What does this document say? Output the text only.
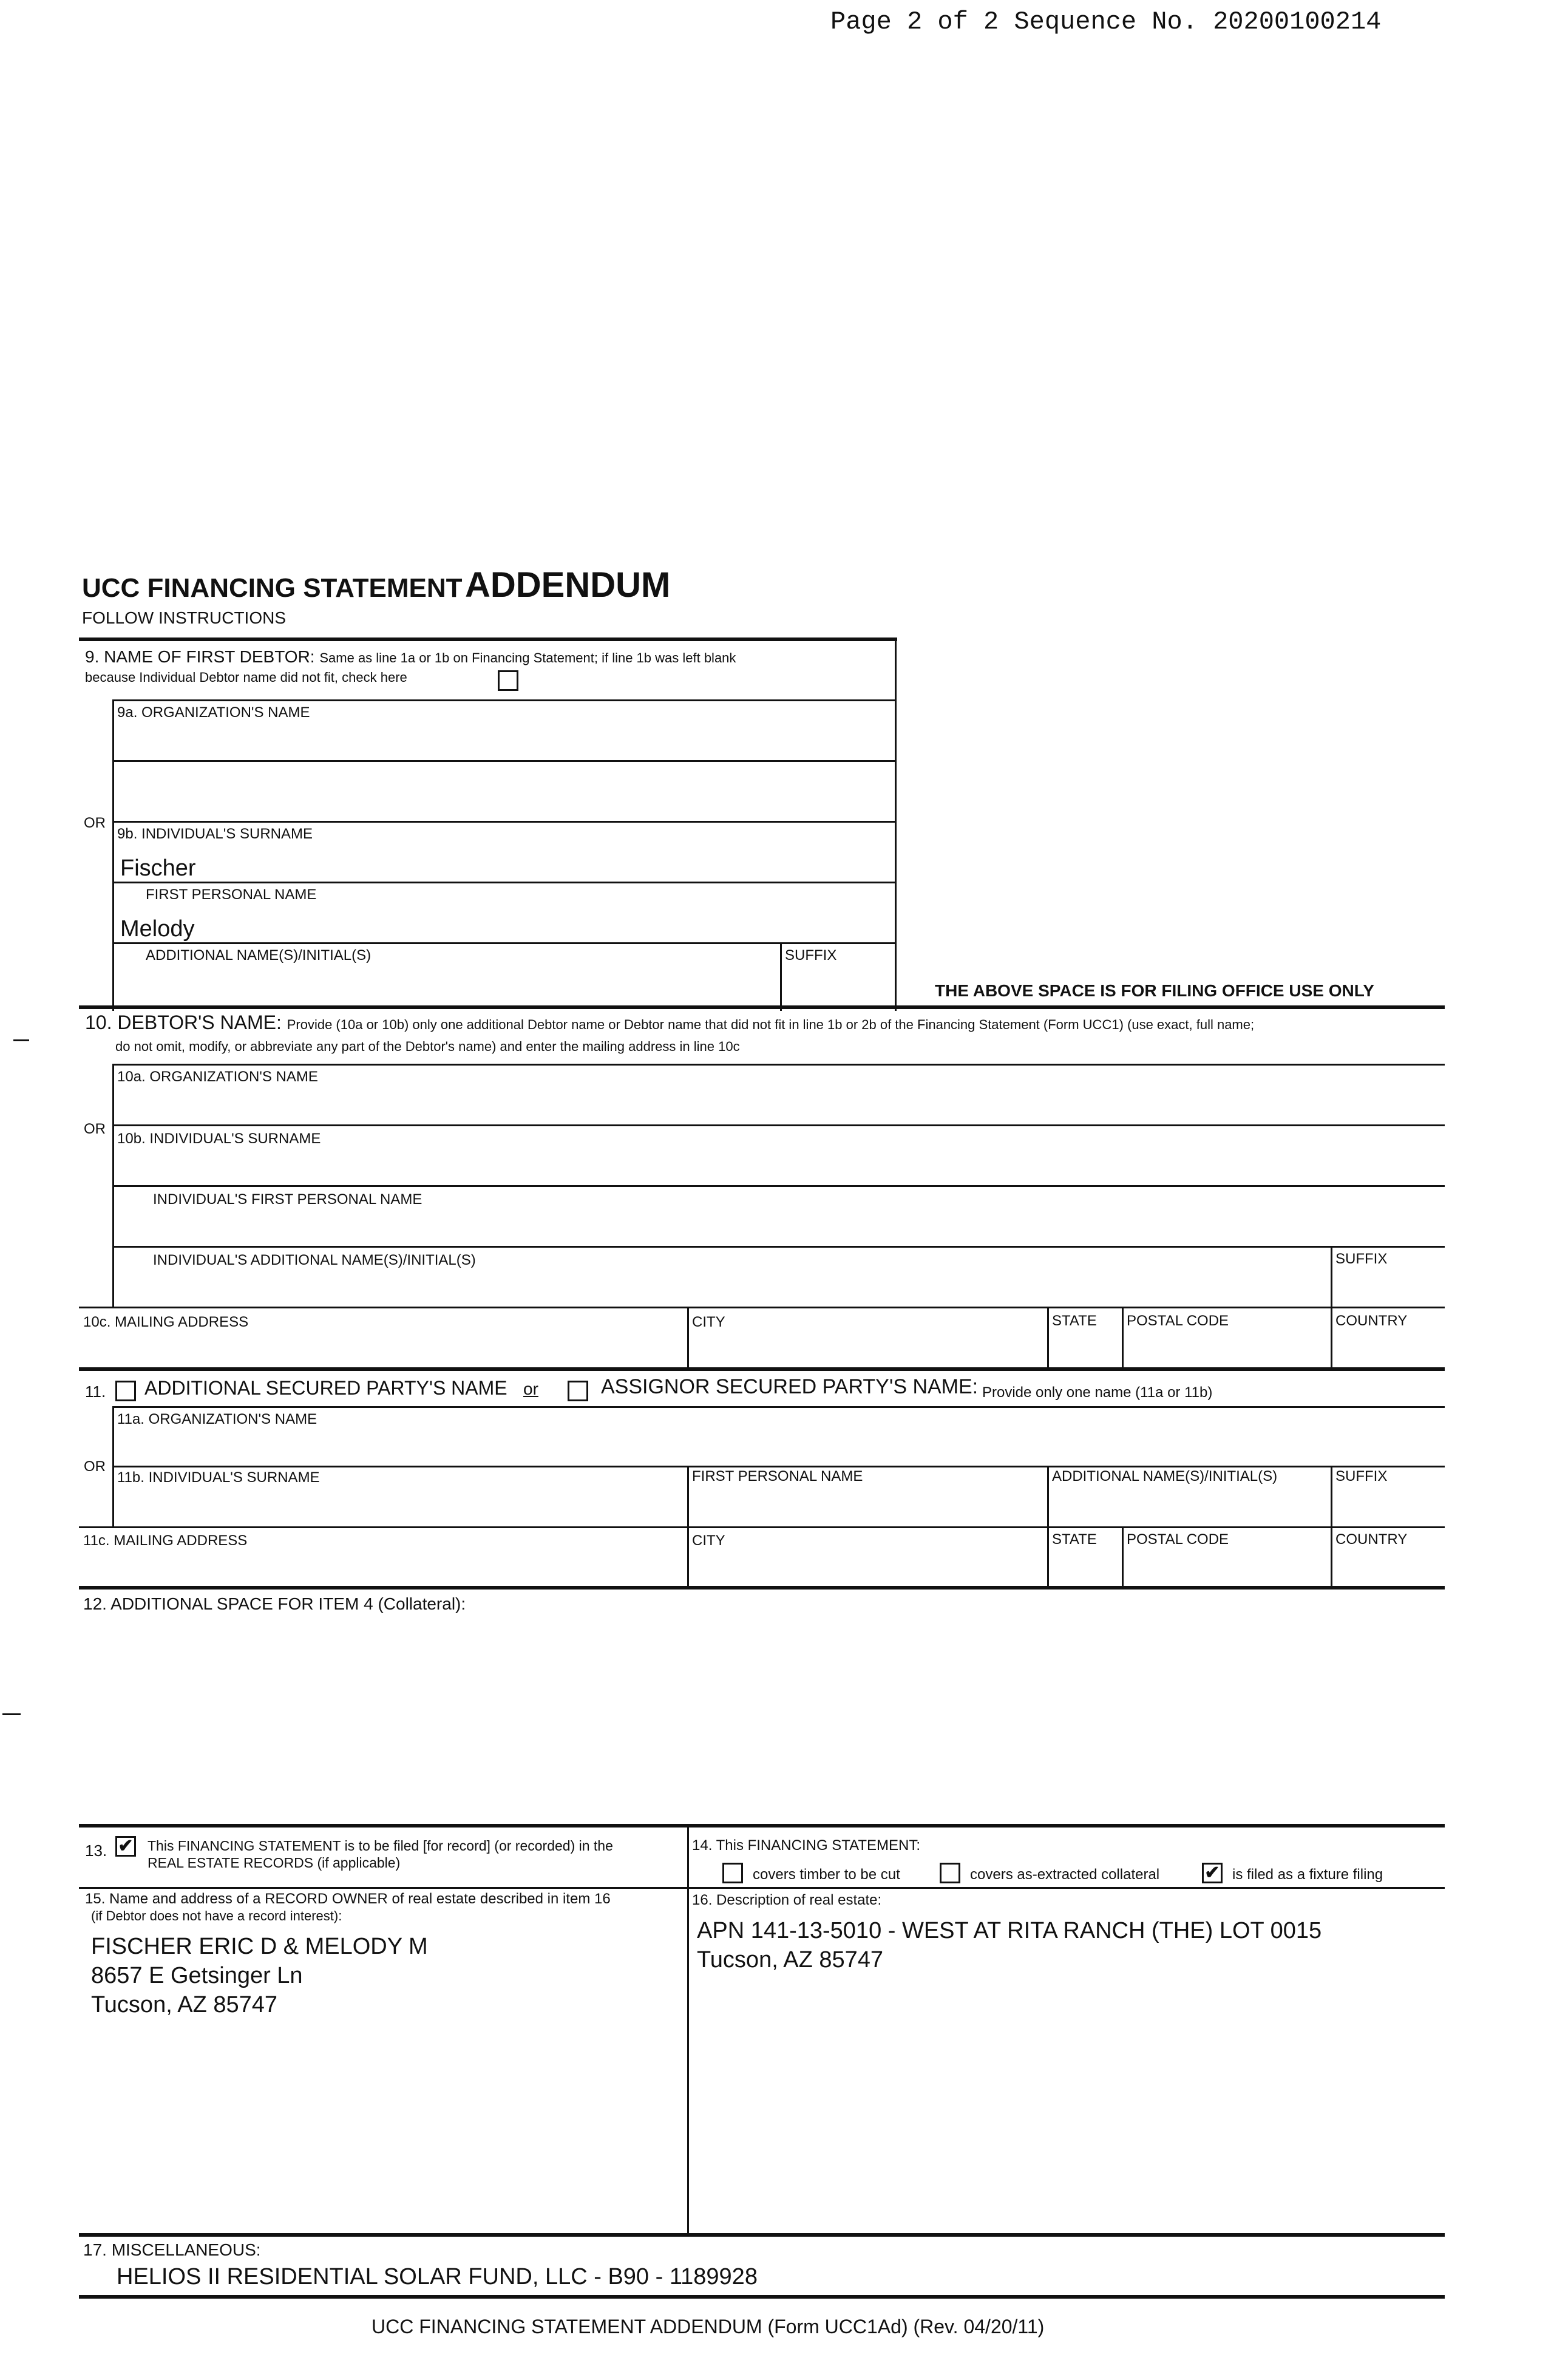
Page 2 of 2 Sequence No. 20200100214
UCC FINANCING STATEMENT ADDENDUM
FOLLOW INSTRUCTIONS
9. NAME OF FIRST DEBTOR: Same as line 1a or 1b on Financing Statement; if line 1b was left blank
because Individual Debtor name did not fit, check here
9a. ORGANIZATION'S NAME
OR
9b. INDIVIDUAL'S SURNAME
Fischer
FIRST PERSONAL NAME
Melody
ADDITIONAL NAME(S)/INITIAL(S)	SUFFIX
THE ABOVE SPACE IS FOR FILING OFFICE USE ONLY
10. DEBTOR'S NAME: Provide (10a or 10b) only one additional Debtor name or Debtor name that did not fit in line 1b or 2b of the Financing Statement (Form UCC1) (use exact, full name;
do not omit, modify, or abbreviate any part of the Debtor's name) and enter the mailing address in line 10c
10a. ORGANIZATION'S NAME
OR
10b. INDIVIDUAL'S SURNAME
INDIVIDUAL'S FIRST PERSONAL NAME
INDIVIDUAL'S ADDITIONAL NAME(S)/INITIAL(S)	SUFFIX
10c. MAILING ADDRESS	CITY	STATE POSTAL CODE	COUNTRY
11. ADDITIONAL SECURED PARTY'S NAME or	ASSIGNOR SECURED PARTY'S NAME: Provide only one name (11a or 11b)
11a. ORGANIZATION'S NAME
OR
11b. INDIVIDUAL'S SURNAME	FIRST PERSONAL NAME	ADDITIONAL NAME(S)/INITIAL(S)	SUFFIX
11c. MAILING ADDRESS	CITY	STATE POSTAL CODE	COUNTRY
12. ADDITIONAL SPACE FOR ITEM 4 (Collateral):
13. ✔ This FINANCING STATEMENT is to be filed [for record] (or recorded) in the
REAL ESTATE RECORDS (if applicable)
14. This FINANCING STATEMENT:
covers timber to be cut	covers as-extracted collateral ✔ is filed as a fixture filing
15. Name and address of a RECORD OWNER of real estate described in item 16
(if Debtor does not have a record interest):
FISCHER ERIC D & MELODY M
8657 E Getsinger Ln
Tucson, AZ 85747
16. Description of real estate:
APN 141-13-5010 - WEST AT RITA RANCH (THE) LOT 0015
Tucson, AZ 85747
17. MISCELLANEOUS:
HELIOS II RESIDENTIAL SOLAR FUND, LLC - B90 - 1189928
UCC FINANCING STATEMENT ADDENDUM (Form UCC1Ad) (Rev. 04/20/11)
